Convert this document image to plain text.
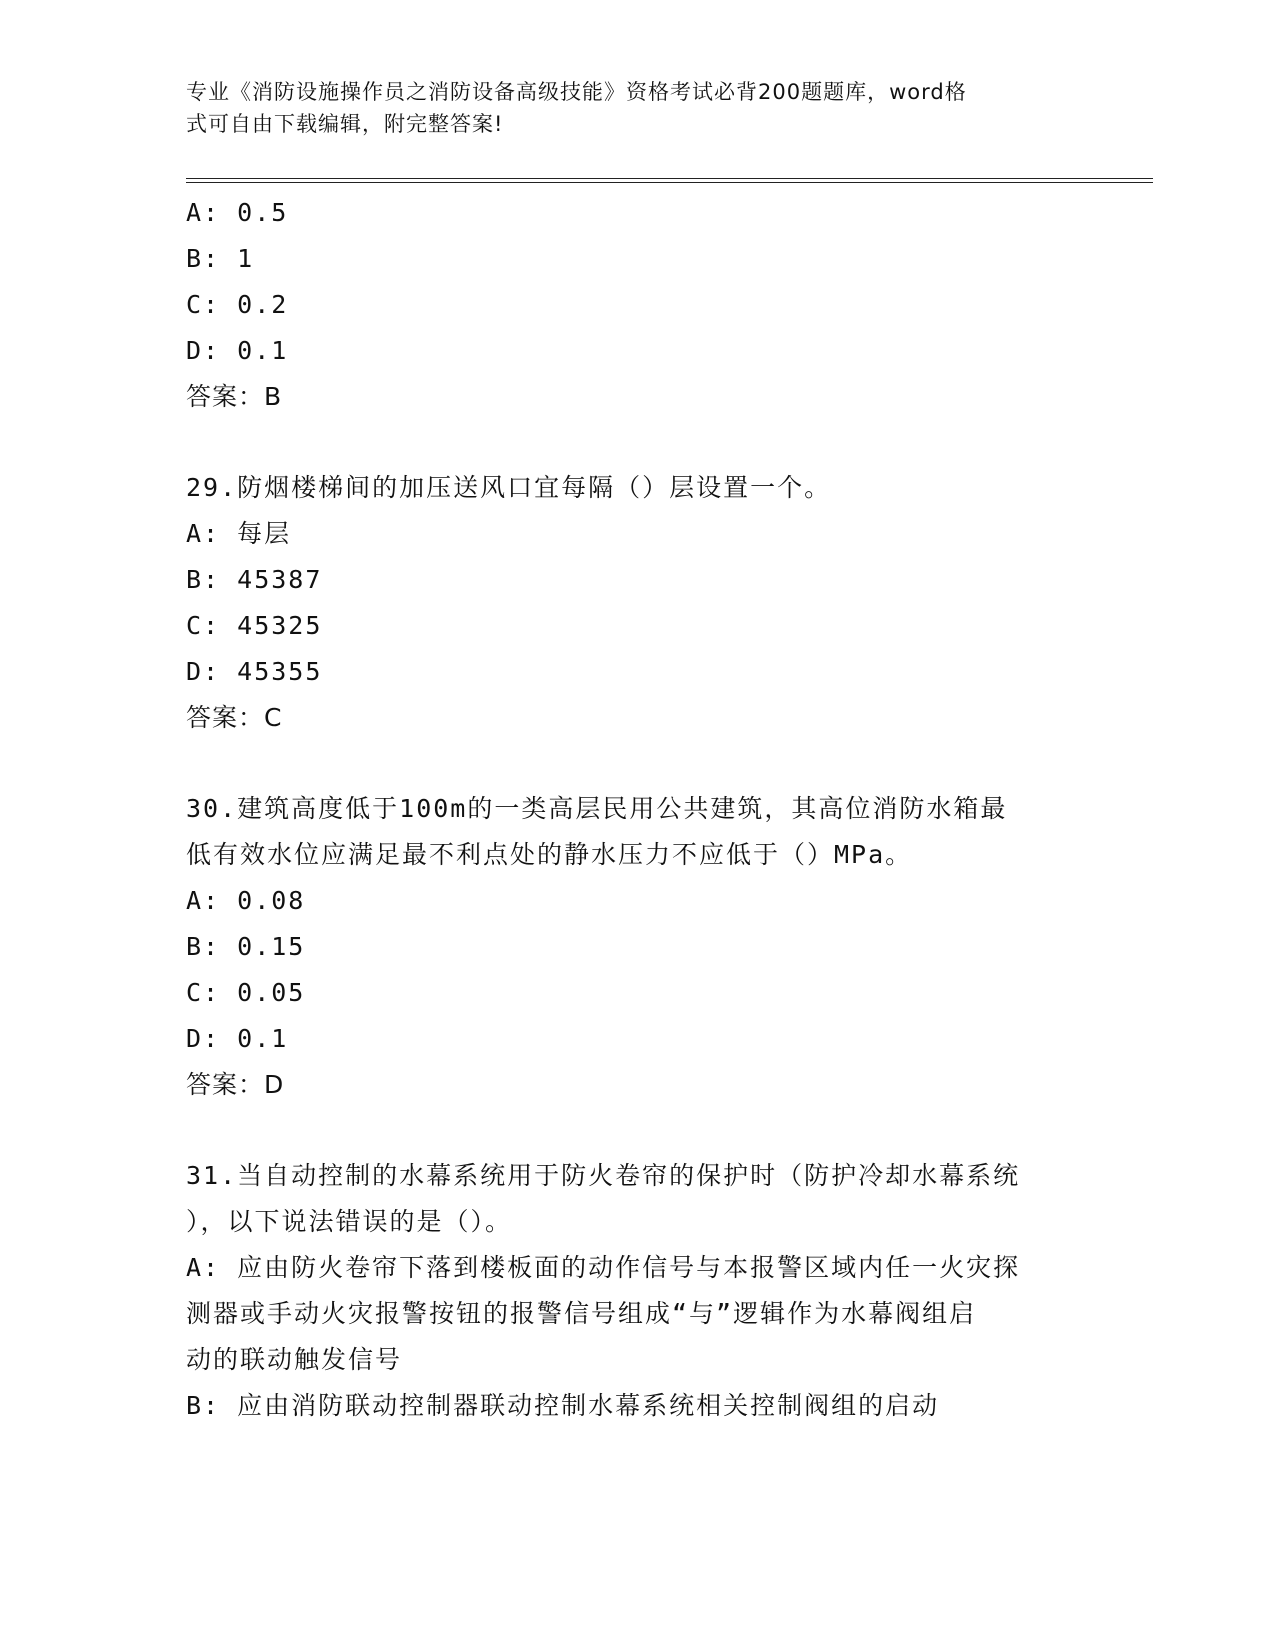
专业《消防设施操作员之消防设备高级技能》资格考试必背200题题库，word格
式可自由下载编辑，附完整答案!
A: 0.5
B: 1
C: 0.2
D: 0.1
答案：B
29.防烟楼梯间的加压送风口宜每隔（）层设置一个。
A: 每层
B: 45387
C: 45325
D: 45355
答案：C
30.建筑高度低于100m的一类高层民用公共建筑，其高位消防水箱最
低有效水位应满足最不利点处的静水压力不应低于（）MPa。
A: 0.08
B: 0.15
C: 0.05
D: 0.1
答案：D
31.当自动控制的水幕系统用于防火卷帘的保护时（防护冷却水幕系统
），以下说法错误的是（）。
A: 应由防火卷帘下落到楼板面的动作信号与本报警区域内任一火灾探
测器或手动火灾报警按钮的报警信号组成“与”逻辑作为水幕阀组启
动的联动触发信号
B: 应由消防联动控制器联动控制水幕系统相关控制阀组的启动
